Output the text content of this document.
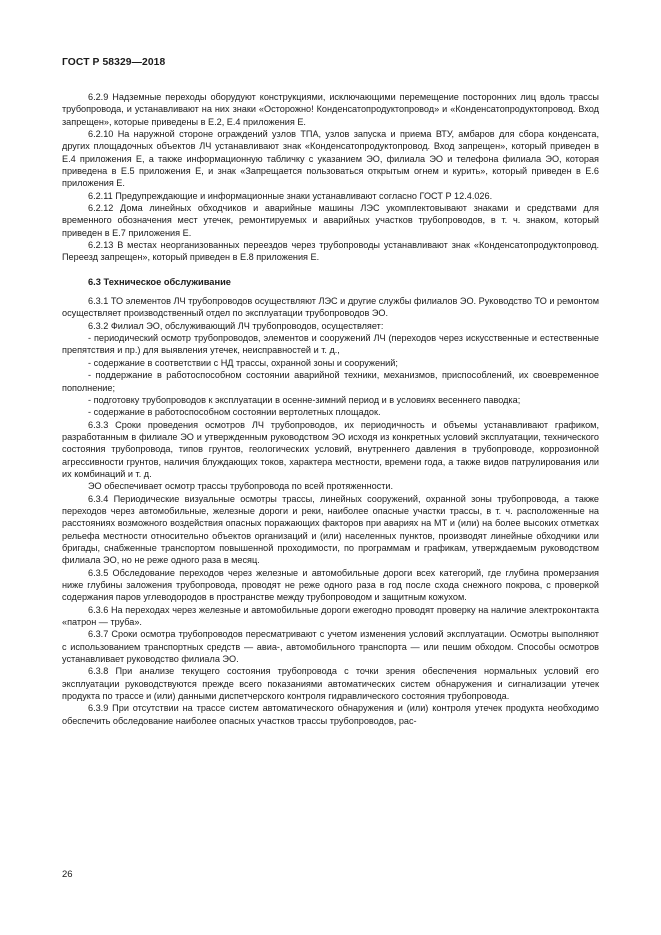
ГОСТ Р 58329—2018

6.2.9 Надземные переходы оборудуют конструкциями, исключающими перемещение посторонних лиц вдоль трассы трубопровода, и устанавливают на них знаки «Осторожно! Конденсатопродуктопровод» и «Конденсатопродуктопровод. Вход запрещен», которые приведены в Е.2, Е.4 приложения Е.

6.2.10 На наружной стороне ограждений узлов ТПА, узлов запуска и приема ВТУ, амбаров для сбора конденсата, других площадочных объектов ЛЧ устанавливают знак «Конденсатопродуктопровод. Вход запрещен», который приведен в Е.4 приложения Е, а также информационную табличку с указанием ЭО, филиала ЭО и телефона филиала ЭО, которая приведена в Е.5 приложения Е, и знак «Запрещается пользоваться открытым огнем и курить», который приведен в Е.6 приложения Е.

6.2.11 Предупреждающие и информационные знаки устанавливают согласно ГОСТ Р 12.4.026.

6.2.12 Дома линейных обходчиков и аварийные машины ЛЭС укомплектовывают знаками и средствами для временного обозначения мест утечек, ремонтируемых и аварийных участков трубопроводов, в т. ч. знаком, который приведен в Е.7 приложения Е.

6.2.13 В местах неорганизованных переездов через трубопроводы устанавливают знак «Конденсатопродуктопровод. Переезд запрещен», который приведен в Е.8 приложения Е.

6.3 Техническое обслуживание

6.3.1 ТО элементов ЛЧ трубопроводов осуществляют ЛЭС и другие службы филиалов ЭО. Руководство ТО и ремонтом осуществляет производственный отдел по эксплуатации трубопроводов ЭО.

6.3.2 Филиал ЭО, обслуживающий ЛЧ трубопроводов, осуществляет:

- периодический осмотр трубопроводов, элементов и сооружений ЛЧ (переходов через искусственные и естественные препятствия и пр.) для выявления утечек, неисправностей и т. д.,

- содержание в соответствии с НД трассы, охранной зоны и сооружений;

- поддержание в работоспособном состоянии аварийной техники, механизмов, приспособлений, их своевременное пополнение;

- подготовку трубопроводов к эксплуатации в осенне-зимний период и в условиях весеннего паводка;

- содержание в работоспособном состоянии вертолетных площадок.

6.3.3 Сроки проведения осмотров ЛЧ трубопроводов, их периодичность и объемы устанавливают графиком, разработанным в филиале ЭО и утвержденным руководством ЭО исходя из конкретных условий эксплуатации, технического состояния трубопровода, типов грунтов, геологических условий, внутреннего давления в трубопроводе, коррозионной агрессивности грунтов, наличия блуждающих токов, характера местности, времени года, а также видов патрулирования или их комбинаций и т. д.

ЭО обеспечивает осмотр трассы трубопровода по всей протяженности.

6.3.4 Периодические визуальные осмотры трассы, линейных сооружений, охранной зоны трубопровода, а также переходов через автомобильные, железные дороги и реки, наиболее опасные участки трассы, в т. ч. расположенные на расстояниях возможного воздействия опасных поражающих факторов при авариях на МТ и (или) на более высоких отметках рельефа местности относительно объектов организаций и (или) населенных пунктов, производят линейные обходчики или бригады, снабженные транспортом повышенной проходимости, по программам и графикам, утверждаемым руководством филиала ЭО, но не реже одного раза в месяц.

6.3.5 Обследование переходов через железные и автомобильные дороги всех категорий, где глубина промерзания ниже глубины заложения трубопровода, проводят не реже одного раза в год после схода снежного покрова, с проверкой содержания паров углеводородов в пространстве между трубопроводом и защитным кожухом.

6.3.6 На переходах через железные и автомобильные дороги ежегодно проводят проверку на наличие электроконтакта «патрон — труба».

6.3.7 Сроки осмотра трубопроводов пересматривают с учетом изменения условий эксплуатации. Осмотры выполняют с использованием транспортных средств — авиа-, автомобильного транспорта — или пешим обходом. Способы осмотров устанавливает руководство филиала ЭО.

6.3.8 При анализе текущего состояния трубопровода с точки зрения обеспечения нормальных условий его эксплуатации руководствуются прежде всего показаниями автоматических систем обнаружения и сигнализации утечек продукта по трассе и (или) данными диспетчерского контроля гидравлического состояния трубопровода.

6.3.9 При отсутствии на трассе систем автоматического обнаружения и (или) контроля утечек продукта необходимо обеспечить обследование наиболее опасных участков трассы трубопроводов, рас-

26
